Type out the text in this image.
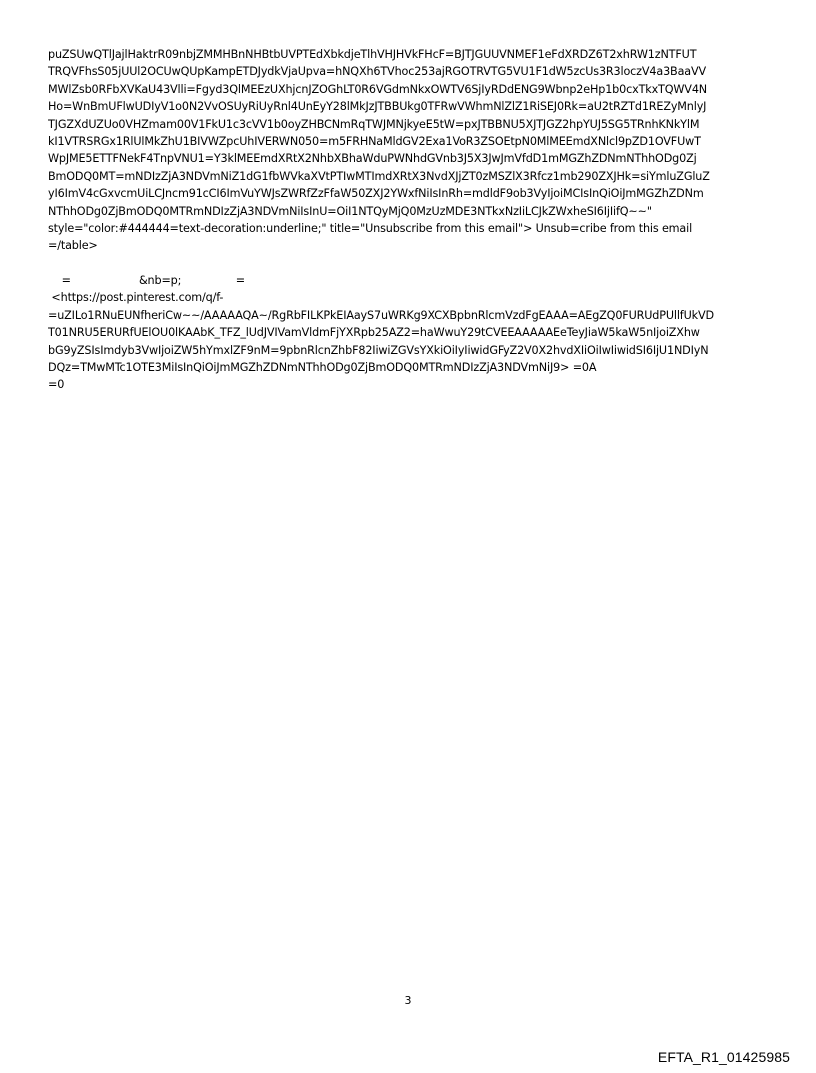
puZSUwQTlJajlHaktrR09nbjZMMHBnNHBtbUVPTEdXbkdjeTlhVHJHVkFHcF=BJTJGUUVNMEF1eFdXRDZ6T2xhRW1zNTFUT
TRQVFhsS05jUUl2OCUwQUpKampETDJydkVjaUpva=hNQXh6TVhoc253ajRGOTRVTG5VU1F1dW5zcUs3R3loczV4a3BaaVV
MWlZsb0RFbXVKaU43Vlli=Fgyd3QlMEEzUXhjcnJZOGhLT0R6VGdmNkxOWTV6SjIyRDdENG9Wbnp2eHp1b0cxTkxTQWV4N
Ho=WnBmUFlwUDIyV1o0N2VvOSUyRiUyRnl4UnEyY28lMkJzJTBBUkg0TFRwVWhmNlZlZ1RiSEJ0Rk=aU2tRZTd1REZyMnlyJ
TJGZXdUZUo0VHZmam00V1FkU1c3cVV1b0oyZHBCNmRqTWJMNjkyeE5tW=pxJTBBNU5XJTJGZ2hpYUJ5SG5TRnhKNkYlM
kI1VTRSRGx1RlUlMkZhU1BIVWZpcUhIVERWN050=m5FRHNaMldGV2Exa1VoR3ZSOEtpN0MlMEEmdXNlcl9pZD1OVFUwT
WpJME5ETTFNekF4TnpVNU1=Y3klMEEmdXRtX2NhbXBhaWduPWNhdGVnb3J5X3JwJmVfdD1mMGZhZDNmNThhODg0Zj
BmODQ0MT=mNDIzZjA3NDVmNiZ1dG1fbWVkaXVtPTIwMTImdXRtX3NvdXJjZT0zMSZlX3Rfcz1mb290ZXJHk=siYmluZGluZ
yI6ImV4cGxvcmUiLCJncm91cCI6ImVuYWJsZWRfZzFfaW50ZXJ2YWxfNiIsInRh=mdldF9ob3VyIjoiMCIsInQiOiJmMGZhZDNm
NThhODg0ZjBmODQ0MTRmNDIzZjA3NDVmNiIsInU=OiI1NTQyMjQ0MzUzMDE3NTkxNzIiLCJkZWxheSI6IjIifQ~~"
style="color:#444444=text-decoration:underline;" title="Unsubscribe from this email"> Unsub=cribe from this email
=/table>
=                    &nb=p;                =
<https://post.pinterest.com/q/f-
=uZILo1RNuEUNfheriCw~~/AAAAAQA~/RgRbFILKPkEIAayS7uWRKg9XCXBpbnRlcmVzdFgEAAA=AEgZQ0FURUdPUllfUkVD
T01NRU5ERURfUElOU0lKAAbK_TFZ_lUdJVIVamVldmFjYXRpb25AZ2=haWwuY29tCVEEAAAAAEeTeyJiaW5kaW5nIjoiZXhw
bG9yZSIsImdyb3VwIjoiZW5hYmxlZF9nM=9pbnRlcnZhbF82IiwiZGVsYXkiOiIyIiwidGFyZ2V0X2hvdXIiOiIwIiwidSI6IjU1NDIyN
DQz=TMwMTc1OTE3MiIsInQiOiJmMGZhZDNmNThhODg0ZjBmODQ0MTRmNDIzZjA3NDVmNiJ9> =0A
=0
3
EFTA_R1_01425985
